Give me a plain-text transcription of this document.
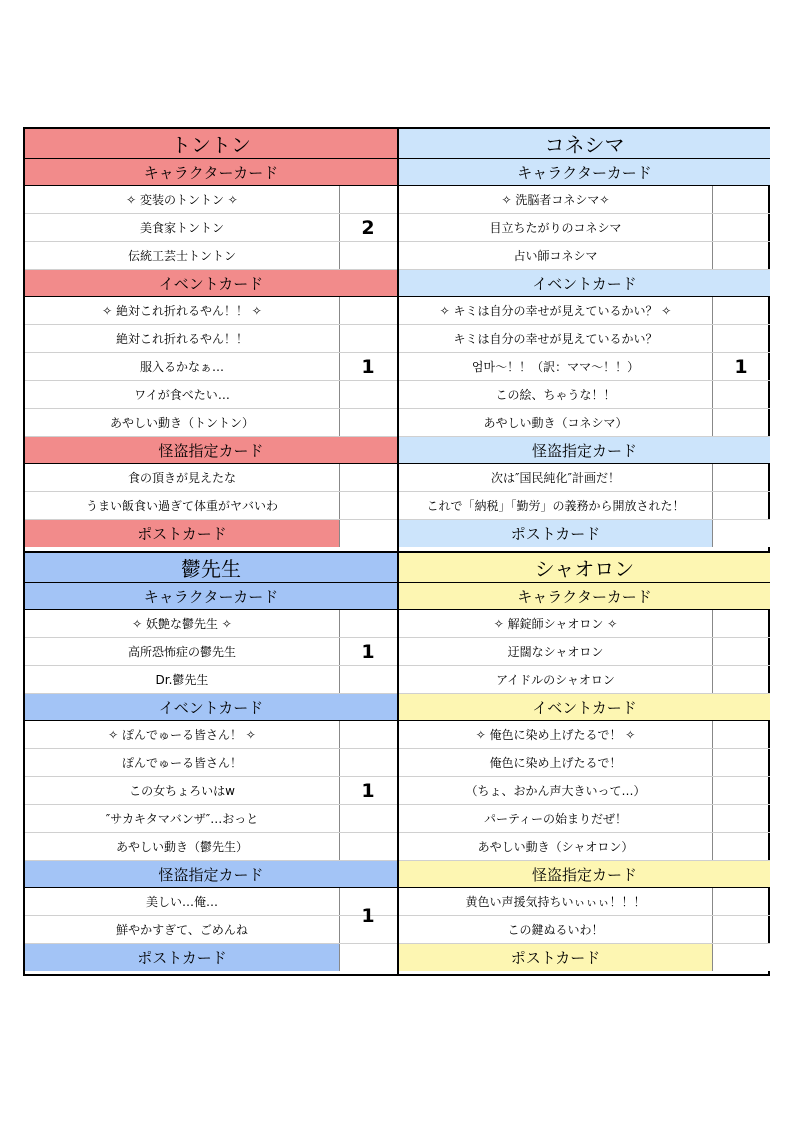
トントン
キャラクターカード
✧ 変装のトントン ✧
美食家トントン
伝統工芸士トントン
2
イベントカード
✧ 絶対これ折れるやん！！ ✧
絶対これ折れるやん！！
服入るかなぁ…
ワイが食べたい…
あやしい動き（トントン）
1
怪盗指定カード
食の頂きが見えたな
うまい飯食い過ぎて体重がヤバいわ
ポストカード
コネシマ
キャラクターカード
✧ 洗脳者コネシマ✧
目立ちたがりのコネシマ
占い師コネシマ
イベントカード
✧ キミは自分の幸せが見えているかい？ ✧
キミは自分の幸せが見えているかい？
엄마～！！（訳：ママ～！！）
この絵、ちゃうな！！
あやしい動き（コネシマ）
1
怪盗指定カード
次は″国民純化″計画だ！
これで「納税」「勤労」の義務から開放された！
ポストカード
鬱先生
キャラクターカード
✧ 妖艶な鬱先生 ✧
高所恐怖症の鬱先生
Dr.鬱先生
1
イベントカード
✧ ぽんでゅーる皆さん！ ✧
ぽんでゅーる皆さん！
この女ちょろいはw
″サカキタマバンザ″…おっと
あやしい動き（鬱先生）
1
怪盗指定カード
美しい…俺…
鮮やかすぎて、ごめんね
1
ポストカード
シャオロン
キャラクターカード
✧ 解錠師シャオロン ✧
迂闊なシャオロン
アイドルのシャオロン
イベントカード
✧ 俺色に染め上げたるで！ ✧
俺色に染め上げたるで！
（ちょ、おかん声大きいって…）
パーティーの始まりだぜ！
あやしい動き（シャオロン）
怪盗指定カード
黄色い声援気持ちいぃぃぃ！！！
この鍵ぬるいわ！
ポストカード
